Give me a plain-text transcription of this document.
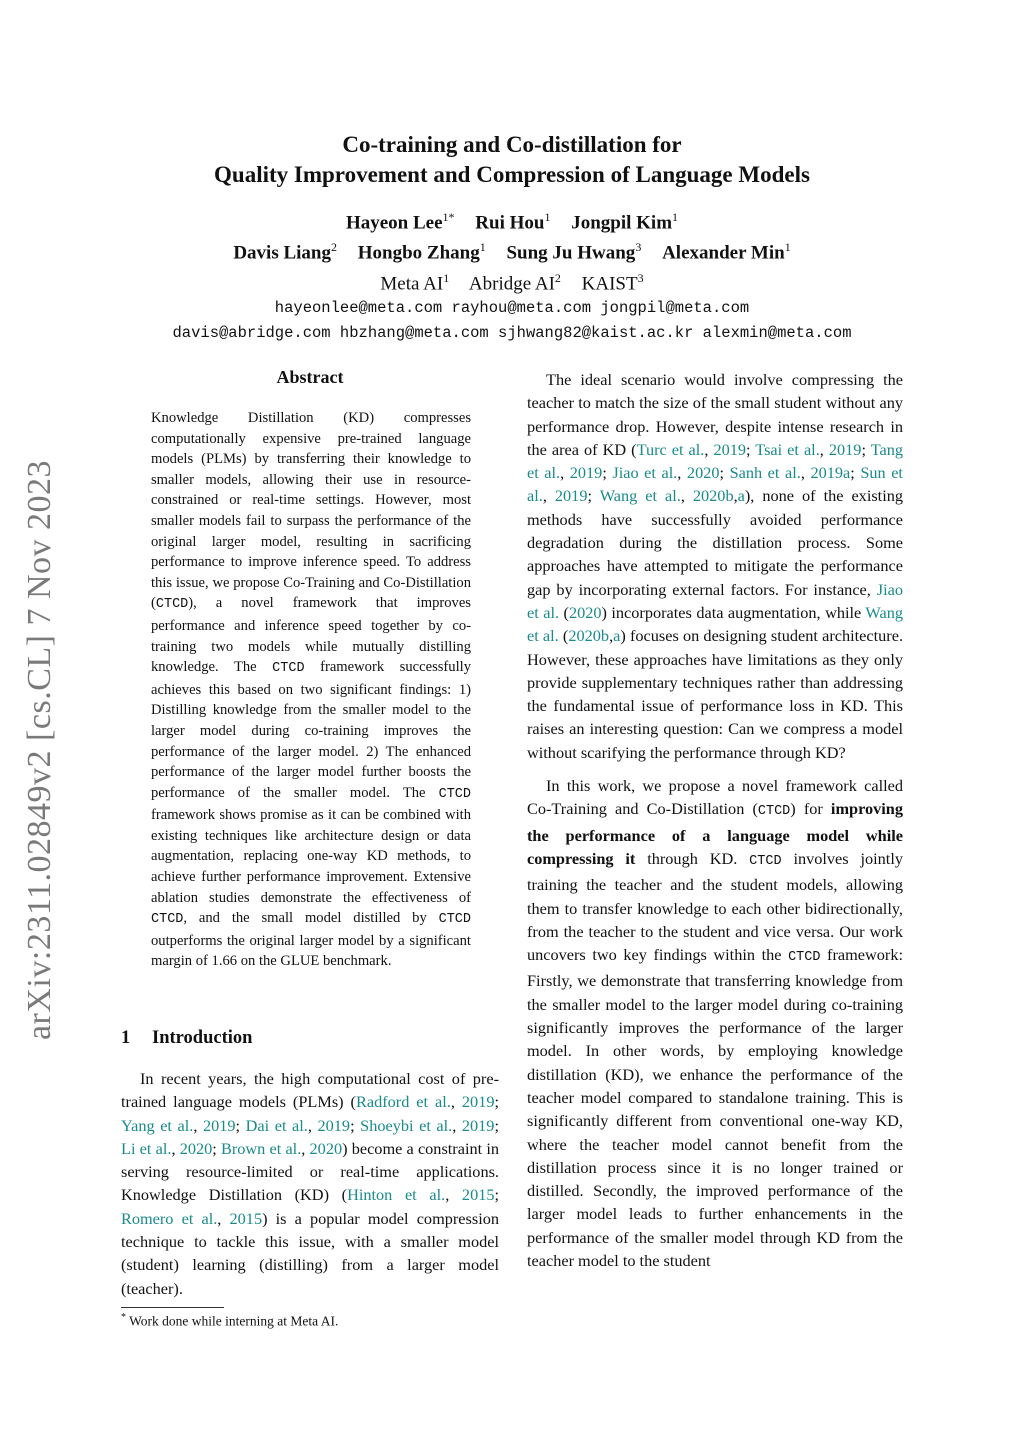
arXiv:2311.02849v2 [cs.CL] 7 Nov 2023
Co-training and Co-distillation for
Quality Improvement and Compression of Language Models
Hayeon Lee$^{1*}$ Rui Hou$^1$ Jongpil Kim$^1$
Davis Liang$^2$ Hongbo Zhang$^1$ Sung Ju Hwang$^3$ Alexander Min$^1$
Meta $AI^1$ Abridge $AI^2$ KAIST$^3$
hayeonlee@meta.com rayhou@meta.com jongpil@meta.com
davis@abridge.com hbzhang@meta.com sjhwang82@kaist.ac.kr alexmin@meta.com
Abstract
Knowledge Distillation (KD) compresses computationally expensive pre-trained language models (PLMs) by transferring their knowledge to smaller models, allowing their use in resource-constrained or real-time settings. However, most smaller models fail to surpass the performance of the original larger model, resulting in sacrificing performance to improve inference speed. To address this issue, we propose Co-Training and Co-Distillation (CTCD), a novel framework that improves performance and inference speed together by co-training two models while mutually distilling knowledge. The CTCD framework successfully achieves this based on two significant findings: 1) Distilling knowledge from the smaller model to the larger model during co-training improves the performance of the larger model. 2) The enhanced performance of the larger model further boosts the performance of the smaller model. The CTCD framework shows promise as it can be combined with existing techniques like architecture design or data augmentation, replacing one-way KD methods, to achieve further performance improvement. Extensive ablation studies demonstrate the effectiveness of CTCD, and the small model distilled by CTCD outperforms the original larger model by a significant margin of 1.66 on the GLUE benchmark.
1 Introduction

In recent years, the high computational cost of pre-trained language models (PLMs) (Radford et al., 2019; Yang et al., 2019; Dai et al., 2019; Shoeybi et al., 2019; Li et al., 2020; Brown et al., 2020) become a constraint in serving resource-limited or real-time applications. Knowledge Distillation (KD) (Hinton et al., 2015; Romero et al., 2015) is a popular model compression technique to tackle this issue, with a smaller model (student) learning (distilling) from a larger model (teacher).

The ideal scenario would involve compressing the teacher to match the size of the small student without any performance drop. However, despite intense research in the area of KD (Turc et al., 2019; Tsai et al., 2019; Tang et al., 2019; Jiao et al., 2020; Sanh et al., 2019a; Sun et al., 2019; Wang et al., 2020b,a), none of the existing methods have successfully avoided performance degradation during the distillation process. Some approaches have attempted to mitigate the performance gap by incorporating external factors. For instance, Jiao et al. (2020) incorporates data augmentation, while Wang et al. (2020b,a) focuses on designing student architecture. However, these approaches have limitations as they only provide supplementary techniques rather than addressing the fundamental issue of performance loss in KD. This raises an interesting question: Can we compress a model without scarifying the performance through KD?

In this work, we propose a novel framework called Co-Training and Co-Distillation (CTCD) for improving the performance of a language model while compressing it through KD. CTCD involves jointly training the teacher and the student models, allowing them to transfer knowledge to each other bidirectionally, from the teacher to the student and vice versa. Our work uncovers two key findings within the CTCD framework: Firstly, we demonstrate that transferring knowledge from the smaller model to the larger model during co-training significantly improves the performance of the larger model. In other words, by employing knowledge distillation (KD), we enhance the performance of the teacher model compared to standalone training. This is significantly different from conventional one-way KD, where the teacher model cannot benefit from the distillation process since it is no longer trained or distilled. Secondly, the improved performance of the larger model leads to further enhancements in the performance of the smaller model through KD from the teacher model to the student

* Work done while interning at Meta AI.
